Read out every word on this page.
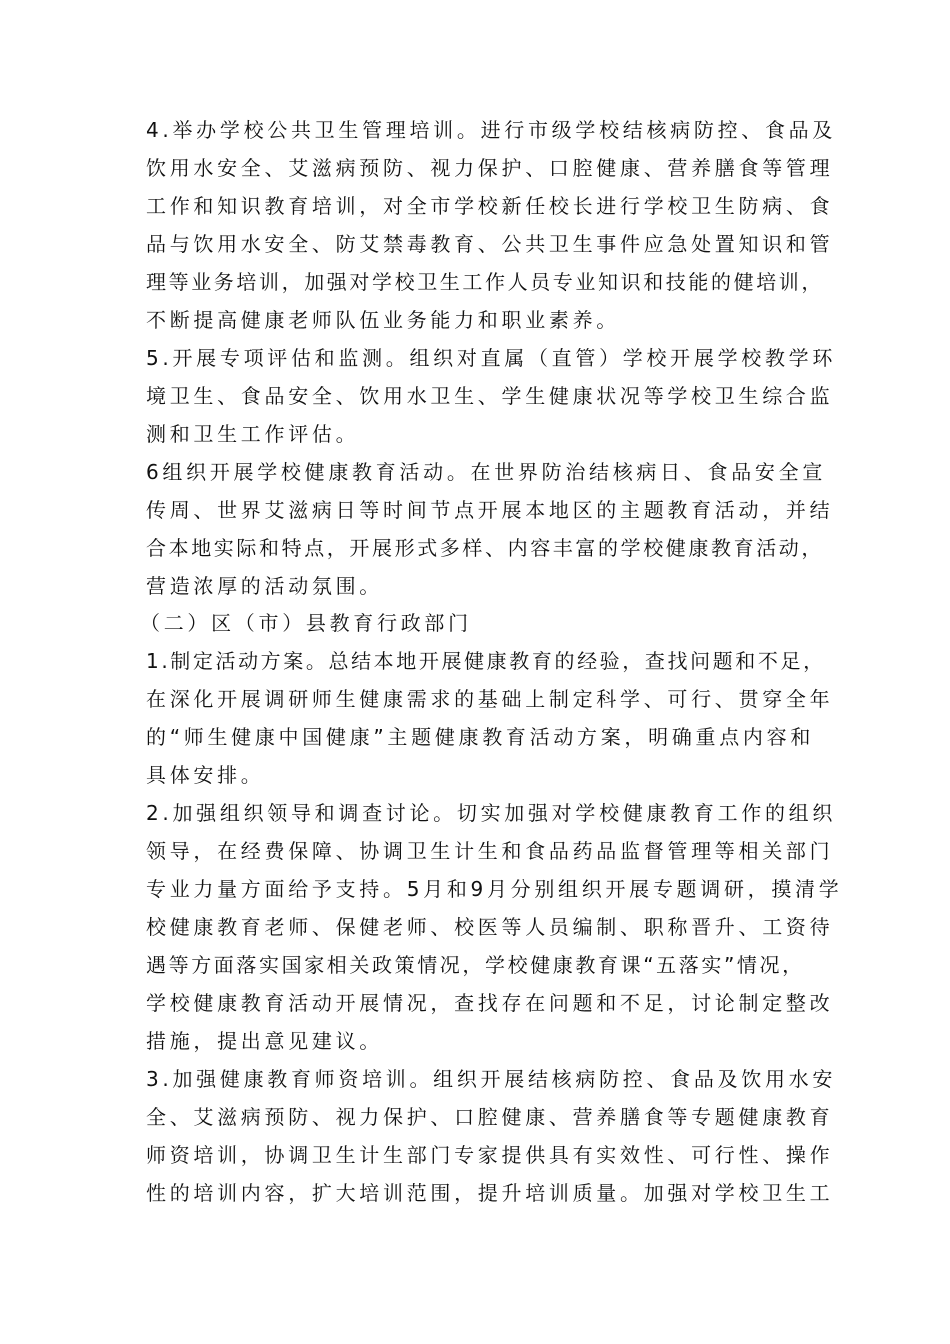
4.举办学校公共卫生管理培训。进行市级学校结核病防控、食品及
饮用水安全、艾滋病预防、视力保护、口腔健康、营养膳食等管理
工作和知识教育培训，对全市学校新任校长进行学校卫生防病、食
品与饮用水安全、防艾禁毒教育、公共卫生事件应急处置知识和管
理等业务培训，加强对学校卫生工作人员专业知识和技能的健培训，
不断提高健康老师队伍业务能力和职业素养。
5.开展专项评估和监测。组织对直属（直管）学校开展学校教学环
境卫生、食品安全、饮用水卫生、学生健康状况等学校卫生综合监
测和卫生工作评估。
6组织开展学校健康教育活动。在世界防治结核病日、食品安全宣
传周、世界艾滋病日等时间节点开展本地区的主题教育活动，并结
合本地实际和特点，开展形式多样、内容丰富的学校健康教育活动，
营造浓厚的活动氛围。
（二）区（市）县教育行政部门
1.制定活动方案。总结本地开展健康教育的经验，查找问题和不足，
在深化开展调研师生健康需求的基础上制定科学、可行、贯穿全年
的“师生健康中国健康”主题健康教育活动方案，明确重点内容和
具体安排。
2.加强组织领导和调查讨论。切实加强对学校健康教育工作的组织
领导，在经费保障、协调卫生计生和食品药品监督管理等相关部门
专业力量方面给予支持。5月和9月分别组织开展专题调研，摸清学
校健康教育老师、保健老师、校医等人员编制、职称晋升、工资待
遇等方面落实国家相关政策情况，学校健康教育课“五落实”情况，
学校健康教育活动开展情况，查找存在问题和不足，讨论制定整改
措施，提出意见建议。
3.加强健康教育师资培训。组织开展结核病防控、食品及饮用水安
全、艾滋病预防、视力保护、口腔健康、营养膳食等专题健康教育
师资培训，协调卫生计生部门专家提供具有实效性、可行性、操作
性的培训内容，扩大培训范围，提升培训质量。加强对学校卫生工
